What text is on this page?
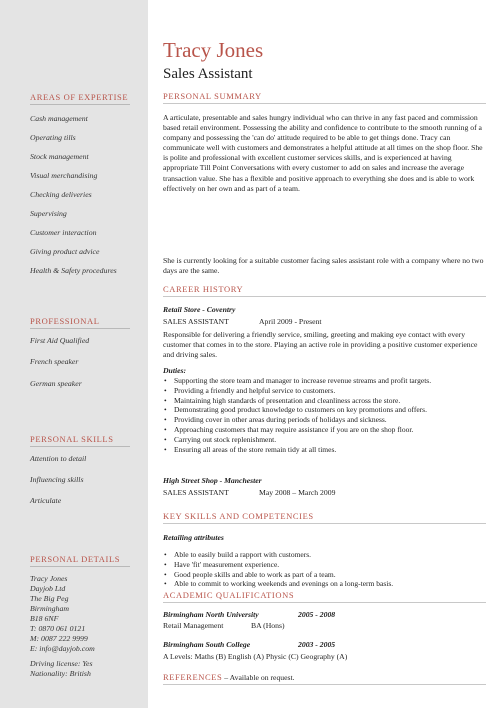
Tracy Jones
Sales Assistant
AREAS OF EXPERTISE
Cash management
Operating tills
Stock management
Visual merchandising
Checking deliveries
Supervising
Customer interaction
Giving product advice
Health & Safety procedures
PROFESSIONAL
First Aid Qualified
French speaker
German speaker
PERSONAL SKILLS
Attention to detail
Influencing skills
Articulate
PERSONAL DETAILS
Tracy Jones
Dayjob Ltd
The Big Peg
Birmingham
B18 6NF
T: 0870 061 0121
M: 0087 222 9999
E: info@dayjob.com
Driving license: Yes
Nationality: British
PERSONAL SUMMARY
A articulate, presentable and sales hungry individual who can thrive in any fast paced and commission based retail environment. Possessing the ability and confidence to contribute to the smooth running of a company and possessing the 'can do' attitude required to be able to get things done. Tracy can communicate well with customers and demonstrates a helpful attitude at all times on the shop floor. She is polite and professional with excellent customer services skills, and is experienced at having appropriate Till Point Conversations with every customer to add on sales and increase the average transaction value. She has a flexible and positive approach to everything she does and is able to work effectively on her own and as part of a team.
She is currently looking for a suitable customer facing sales assistant role with a company where no two days are the same.
CAREER HISTORY
Retail Store - Coventry
SALES ASSISTANT	April 2009 - Present
Responsible for delivering a friendly service, smiling, greeting and making eye contact with every customer that comes in to the store. Playing an active role in providing a positive customer experience and driving sales.
Duties:
• Supporting the store team and manager to increase revenue streams and profit targets.
• Providing a friendly and helpful service to customers.
• Maintaining high standards of presentation and cleanliness across the store.
• Demonstrating good product knowledge to customers on key promotions and offers.
• Providing cover in other areas during periods of holidays and sickness.
• Approaching customers that may require assistance if you are on the shop floor.
• Carrying out stock replenishment.
• Ensuring all areas of the store remain tidy at all times.
High Street Shop - Manchester
SALES ASSISTANT	May 2008 – March 2009
KEY SKILLS AND COMPETENCIES
Retailing attributes
• Able to easily build a rapport with customers.
• Have 'fit' measurement experience.
• Good people skills and able to work as part of a team.
• Able to commit to working weekends and evenings on a long-term basis.
ACADEMIC QUALIFICATIONS
Birmingham North University	2005 - 2008
Retail Management	BA (Hons)
Birmingham South College	2003 - 2005
A Levels: Maths (B) English (A) Physic (C) Geography (A)
REFERENCES – Available on request.
